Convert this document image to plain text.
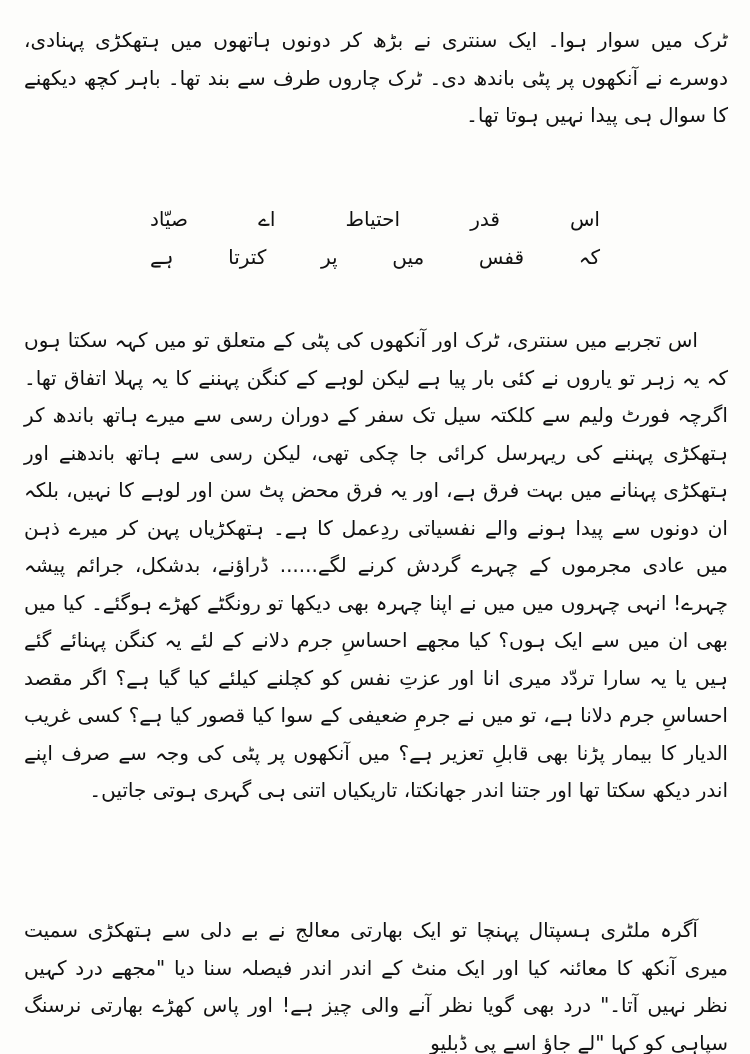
ٹرک میں سوار ہوا۔ ایک سنتری نے بڑھ کر دونوں ہاتھوں میں ہتھکڑی پہنادی، دوسرے نے آنکھوں پر پٹی باندھ دی۔ ٹرک چاروں طرف سے بند تھا۔ باہر کچھ دیکھنے کا سوال ہی پیدا نہیں ہوتا تھا۔

اس قدر احتیاط اے صیّاد
کہ قفس میں پر کترتا ہے

اس تجربے میں سنتری، ٹرک اور آنکھوں کی پٹی کے متعلق تو میں کہہ سکتا ہوں کہ یہ زہر تو یاروں نے کئی بار پیا ہے لیکن لوہے کے کنگن پہننے کا یہ پہلا اتفاق تھا۔ اگرچہ فورٹ ولیم سے کلکتہ سیل تک سفر کے دوران رسی سے میرے ہاتھ باندھ کر ہتھکڑی پہننے کی ریہرسل کرائی جا چکی تھی، لیکن رسی سے ہاتھ باندھنے اور ہتھکڑی پہنانے میں بہت فرق ہے، اور یہ فرق محض پٹ سن اور لوہے کا نہیں، بلکہ ان دونوں سے پیدا ہونے والے نفسیاتی ردِعمل کا ہے۔ ہتھکڑیاں پہن کر میرے ذہن میں عادی مجرموں کے چہرے گردش کرنے لگے...... ڈراؤنے، بدشکل، جرائم پیشہ چہرے! انہی چہروں میں میں نے اپنا چہرہ بھی دیکھا تو رونگٹے کھڑے ہوگئے۔ کیا میں بھی ان میں سے ایک ہوں؟ کیا مجھے احساسِ جرم دلانے کے لئے یہ کنگن پہنائے گئے ہیں یا یہ سارا تردّد میری انا اور عزتِ نفس کو کچلنے کیلئے کیا گیا ہے؟ اگر مقصد احساسِ جرم دلانا ہے، تو میں نے جرمِ ضعیفی کے سوا کیا قصور کیا ہے؟ کسی غریب الدیار کا بیمار پڑنا بھی قابلِ تعزیر ہے؟ میں آنکھوں پر پٹی کی وجہ سے صرف اپنے اندر دیکھ سکتا تھا اور جتنا اندر جھانکتا، تاریکیاں اتنی ہی گہری ہوتی جاتیں۔

آگرہ ملٹری ہسپتال پہنچا تو ایک بھارتی معالج نے بے دلی سے ہتھکڑی سمیت میری آنکھ کا معائنہ کیا اور ایک منٹ کے اندر اندر فیصلہ سنا دیا "مجھے درد کہیں نظر نہیں آتا۔" درد بھی گویا نظر آنے والی چیز ہے! اور پاس کھڑے بھارتی نرسنگ سپاہی کو کہا "لے جاؤ اسے پی ڈبلیو
